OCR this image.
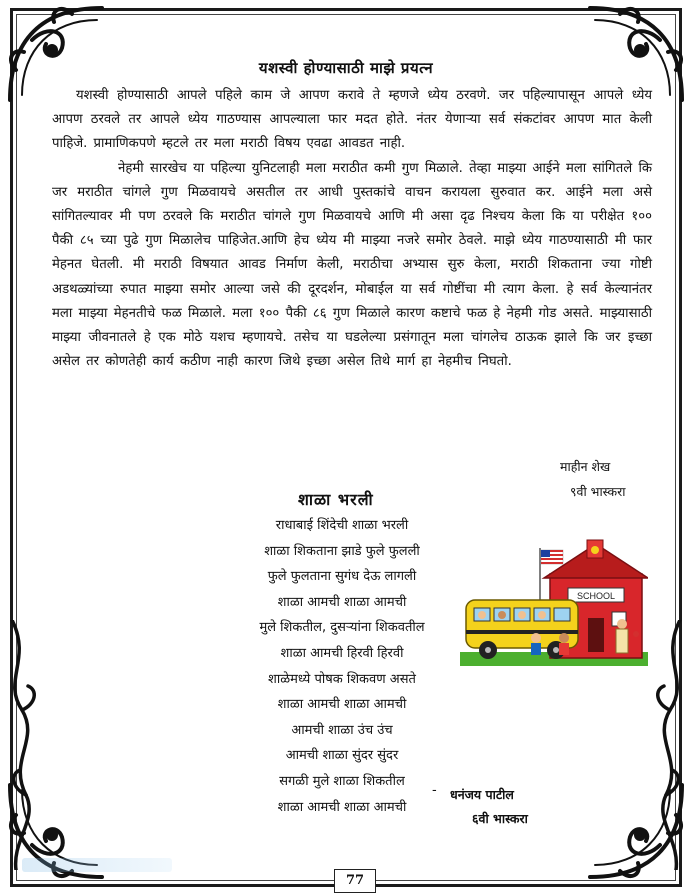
यशस्वी होण्यासाठी माझे प्रयत्न

यशस्वी होण्यासाठी आपले पहिले काम जे आपण करावे ते म्हणजे ध्येय ठरवणे. जर पहिल्यापासून आपले ध्येय आपण ठरवले तर आपले ध्येय गाठण्यास आपल्याला फार मदत होते. नंतर येणाऱ्या सर्व संकटांवर आपण मात केली पाहिजे. प्रामाणिकपणे म्हटले तर मला मराठी विषय एवढा आवडत नाही.

नेहमी सारखेच या पहिल्या युनिटलाही मला मराठीत कमी गुण मिळाले. तेव्हा माझ्या आईने मला सांगितले कि जर मराठीत चांगले गुण मिळवायचे असतील तर आधी पुस्तकांचे वाचन करायला सुरुवात कर. आईने मला असे सांगितल्यावर मी पण ठरवले कि मराठीत चांगले गुण मिळवायचे आणि मी असा दृढ निश्चय केला कि या परीक्षेत १०० पैकी ८५ च्या पुढे गुण मिळालेच पाहिजेत.आणि हेच ध्येय मी माझ्या नजरे समोर ठेवले. माझे ध्येय गाठण्यासाठी मी फार मेहनत घेतली. मी मराठी विषयात आवड निर्माण केली, मराठीचा अभ्यास सुरु केला, मराठी शिकताना ज्या गोष्टी अडथळ्यांच्या रुपात माझ्या समोर आल्या जसे की दूरदर्शन, मोबाईल या सर्व गोष्टींचा मी त्याग केला. हे सर्व केल्यानंतर मला माझ्या मेहनतीचे फळ मिळाले. मला १०० पैकी ८६ गुण मिळाले कारण कष्टाचे फळ हे नेहमी गोड असते. माझ्यासाठी माझ्या जीवनातले हे एक मोठे यशच म्हणायचे. तसेच या घडलेल्या प्रसंगातून मला चांगलेच ठाऊक झाले कि जर इच्छा असेल तर कोणतेही कार्य कठीण नाही कारण जिथे इच्छा असेल तिथे मार्ग हा नेहमीच निघतो.

माहीन शेख
९वी भास्करा
शाळा भरली
राधाबाई शिंदेची शाळा भरली
शाळा शिकताना झाडे फुले फुलली
फुले फुलताना सुगंध देऊ लागली
शाळा आमची शाळा आमची
मुले शिकतील, दुसऱ्यांना शिकवतील
शाळा आमची हिरवी हिरवी
शाळेमध्ये पोषक शिकवण असते
शाळा आमची शाळा आमची
आमची शाळा उंच उंच
आमची शाळा सुंदर सुंदर
सगळी मुले शाळा शिकतील
शाळा आमची शाळा आमची
- धनंजय पाटील
६वी भास्करा
SCHOOL
77
